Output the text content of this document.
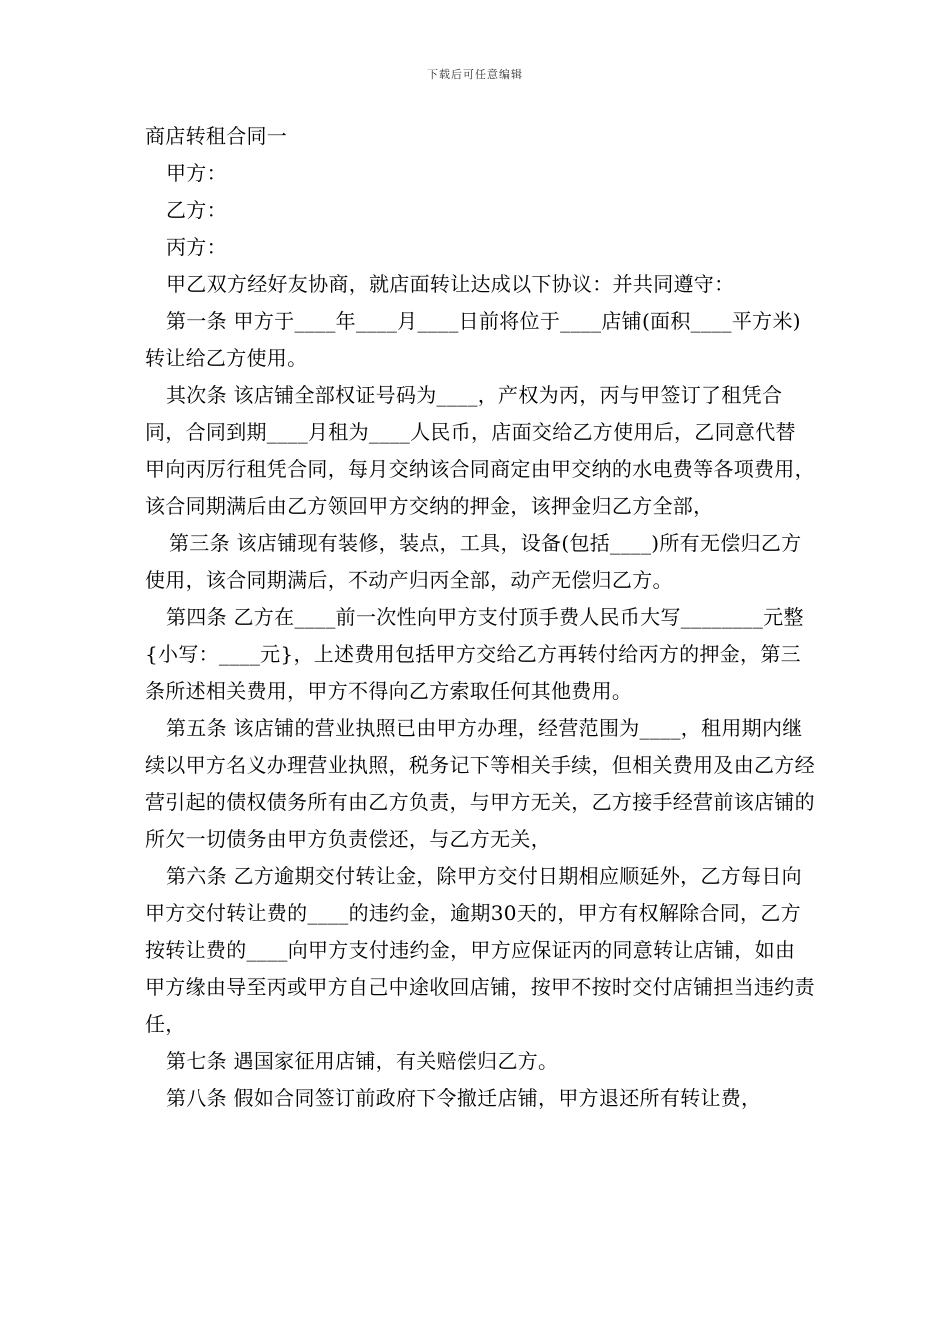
下载后可任意编辑

商店转租合同一

甲方：

乙方：

丙方：

甲乙双方经好友协商，就店面转让达成以下协议：并共同遵守：

第一条 甲方于____年____月____日前将位于____店铺(面积____平方米)转让给乙方使用。

其次条 该店铺全部权证号码为____，产权为丙，丙与甲签订了租凭合同，合同到期____月租为____人民币，店面交给乙方使用后，乙同意代替甲向丙厉行租凭合同，每月交纳该合同商定由甲交纳的水电费等各项费用，该合同期满后由乙方领回甲方交纳的押金，该押金归乙方全部，

第三条 该店铺现有装修，装点，工具，设备(包括____)所有无偿归乙方使用，该合同期满后，不动产归丙全部，动产无偿归乙方。

第四条 乙方在____前一次性向甲方支付顶手费人民币大写________元整{小写：____元}，上述费用包括甲方交给乙方再转付给丙方的押金，第三条所述相关费用，甲方不得向乙方索取任何其他费用。

第五条 该店铺的营业执照已由甲方办理，经营范围为____，租用期内继续以甲方名义办理营业执照，税务记下等相关手续，但相关费用及由乙方经营引起的债权债务所有由乙方负责，与甲方无关，乙方接手经营前该店铺的所欠一切债务由甲方负责偿还，与乙方无关，

第六条 乙方逾期交付转让金，除甲方交付日期相应顺延外，乙方每日向甲方交付转让费的____的违约金，逾期30天的，甲方有权解除合同，乙方按转让费的____向甲方支付违约金，甲方应保证丙的同意转让店铺，如由甲方缘由导至丙或甲方自己中途收回店铺，按甲不按时交付店铺担当违约责任，

第七条 遇国家征用店铺，有关赔偿归乙方。

第八条 假如合同签订前政府下令撤迁店铺，甲方退还所有转让费，
